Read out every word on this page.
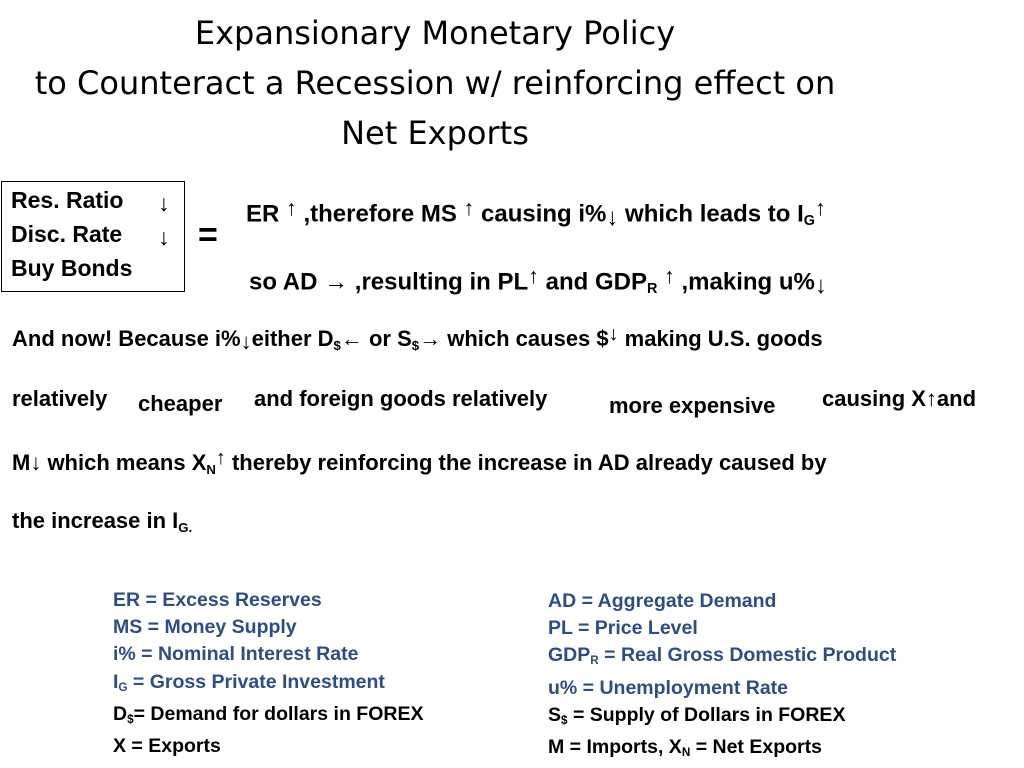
Expansionary Monetary Policy
to Counteract a Recession w/ reinforcing effect on
Net Exports
Res. Ratio ↓
Disc. Rate ↓
Buy Bonds
=
ER ↑ ,therefore MS ↑ causing i%↓ which leads to $I_G↑$
so AD → ,resulting in PL↑ and $GDP_R$ ↑ ,making u%↓
And now! Because i%↓either D$← or S$→ which causes $↓ making U.S. goods
relatively cheaper and foreign goods relatively	more expensive causing X↑and
M↓ which means XN↑ thereby reinforcing the increase in AD already caused by
the increase in IG.
ER = Excess Reserves
MS = Money Supply
i% = Nominal Interest Rate
$I_G$ = Gross Private Investment
$D_{\$}=$ Demand for dollars in FOREX
X = Exports
AD = Aggregate Demand
PL = Price Level
$GDP_R$ = Real Gross Domestic Product
u% = Unemployment Rate
$S_{\$}$ = Supply of Dollars in FOREX
M = Imports, $X_N$ = Net Exports
